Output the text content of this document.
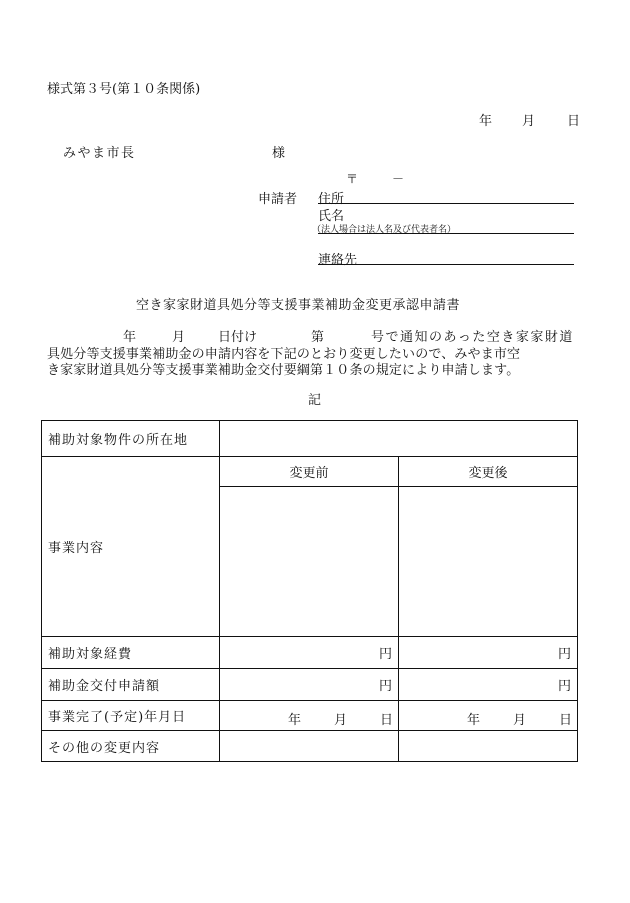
様式第３号(第１０条関係)
年 月 日
みやま市長	様
〒	－
申請者 住所
氏名
（法人場合は法人名及び代表者名）
連絡先
空き家家財道具処分等支援事業補助金変更承認申請書
年	月	日付け	第	号で通知のあった空き家家財道
具処分等支援事業補助金の申請内容を下記のとおり変更したいので、みやま市空
き家家財道具処分等支援事業補助金交付要綱第１０条の規定により申請します。
記
補助対象物件の所在地		
事業内容	変更前	変更後

補助対象経費	円	円
補助金交付申請額	円	円
事業完了(予定)年月日	年 月 日	年 月 日

その他の変更内容		
